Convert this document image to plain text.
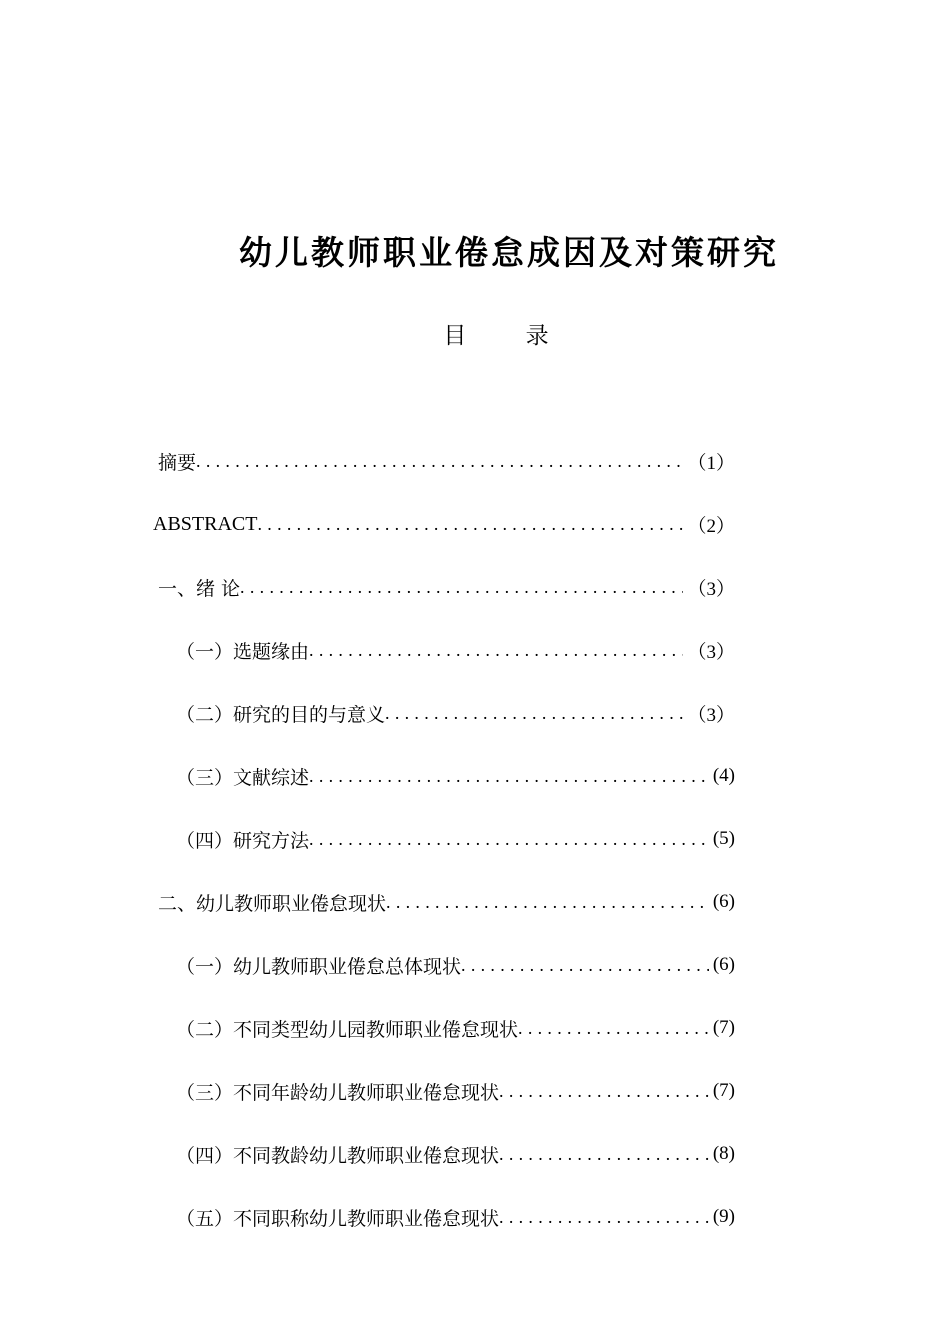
幼儿教师职业倦怠成因及对策研究
目 录
摘要 . . .	（1）
ABSTRACT . . .	（2）
一、绪 论 . . .	（3）
（一）选题缘由 . . .	（3）
（二）研究的目的与意义 . . .	（3）
（三）文献综述 . . .	(4)
（四）研究方法 . . .	(5)
二、幼儿教师职业倦怠现状 . . .	(6)
（一）幼儿教师职业倦怠总体现状 . . .	(6)
（二）不同类型幼儿园教师职业倦怠现状 . . .	(7)
（三）不同年龄幼儿教师职业倦怠现状 . . .	(7)
（四）不同教龄幼儿教师职业倦怠现状 . . .	(8)
（五）不同职称幼儿教师职业倦怠现状 . . .	(9)
